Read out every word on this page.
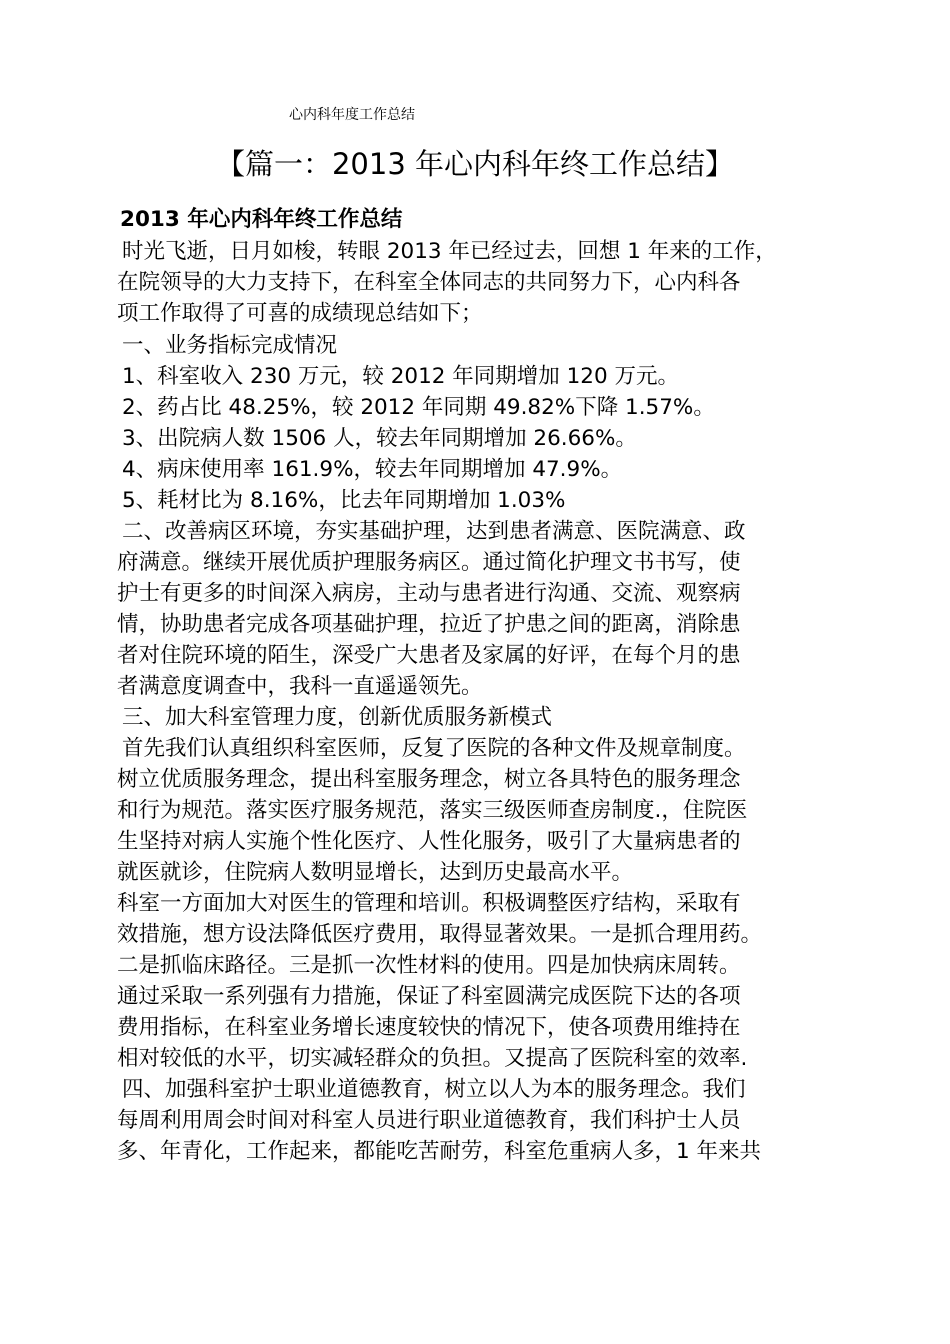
心内科年度工作总结
【篇一：2013 年心内科年终工作总结】
2013 年心内科年终工作总结
时光飞逝，日月如梭，转眼 2013 年已经过去，回想 1 年来的工作，
在院领导的大力支持下，在科室全体同志的共同努力下，心内科各
项工作取得了可喜的成绩现总结如下；
一、业务指标完成情况
1、科室收入 230 万元，较 2012 年同期增加 120 万元。
2、药占比 48.25%，较 2012 年同期 49.82%下降 1.57%。
3、出院病人数 1506 人，较去年同期增加 26.66%。
4、病床使用率 161.9%，较去年同期增加 47.9%。
5、耗材比为 8.16%，比去年同期增加 1.03%
二、改善病区环境，夯实基础护理，达到患者满意、医院满意、政
府满意。继续开展优质护理服务病区。通过简化护理文书书写，使
护士有更多的时间深入病房，主动与患者进行沟通、交流、观察病
情，协助患者完成各项基础护理，拉近了护患之间的距离，消除患
者对住院环境的陌生，深受广大患者及家属的好评，在每个月的患
者满意度调查中，我科一直遥遥领先。
三、加大科室管理力度，创新优质服务新模式
首先我们认真组织科室医师，反复了医院的各种文件及规章制度。
树立优质服务理念，提出科室服务理念，树立各具特色的服务理念
和行为规范。落实医疗服务规范，落实三级医师查房制度.，住院医
生坚持对病人实施个性化医疗、人性化服务，吸引了大量病患者的
就医就诊，住院病人数明显增长，达到历史最高水平。
科室一方面加大对医生的管理和培训。积极调整医疗结构，采取有
效措施，想方设法降低医疗费用，取得显著效果。一是抓合理用药。
二是抓临床路径。三是抓一次性材料的使用。四是加快病床周转。
通过采取一系列强有力措施，保证了科室圆满完成医院下达的各项
费用指标，在科室业务增长速度较快的情况下，使各项费用维持在
相对较低的水平，切实减轻群众的负担。又提高了医院科室的效率.
四、加强科室护士职业道德教育，树立以人为本的服务理念。我们
每周利用周会时间对科室人员进行职业道德教育，我们科护士人员
多、年青化，工作起来，都能吃苦耐劳，科室危重病人多，1 年来共
